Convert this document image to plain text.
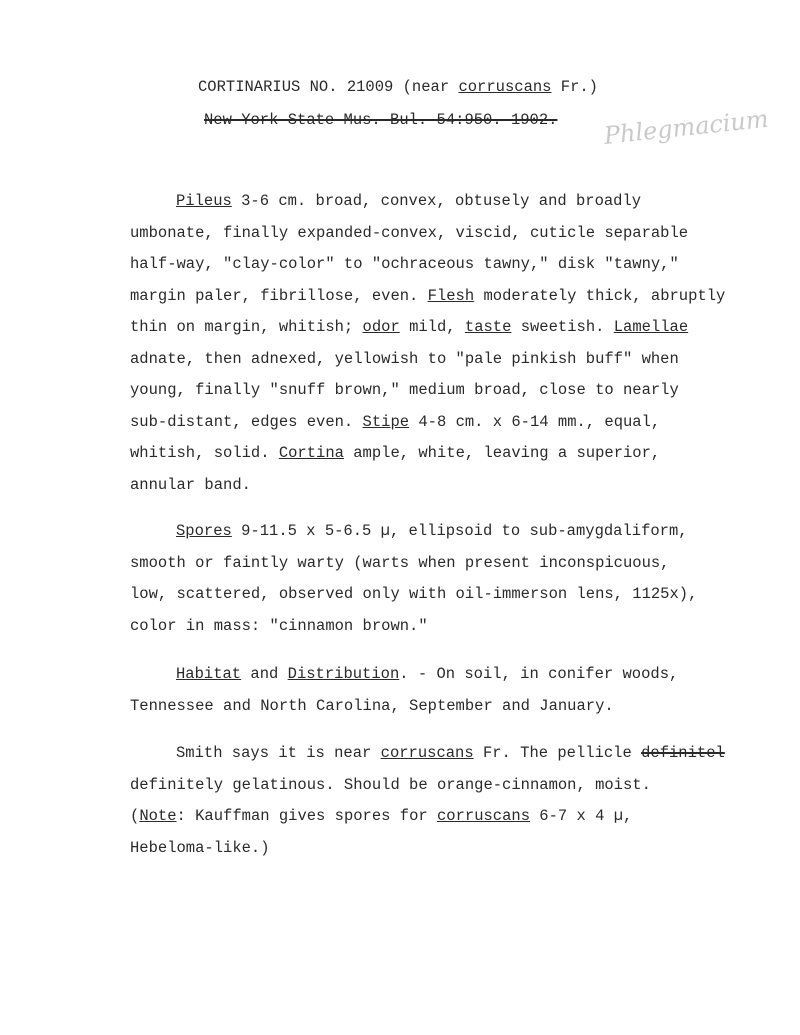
CORTINARIUS NO. 21009 (near corruscans Fr.)
New York State Mus. Bul. 54:950. 1902. Phlegmacium
Pileus 3-6 cm. broad, convex, obtusely and broadly
umbonate, finally expanded-convex, viscid, cuticle separable
half-way, "clay-color" to "ochraceous tawny," disk "tawny,"
margin paler, fibrillose, even. Flesh moderately thick, abruptly
thin on margin, whitish; odor mild, taste sweetish. Lamellae
adnate, then adnexed, yellowish to "pale pinkish buff" when
young, finally "snuff brown," medium broad, close to nearly
sub-distant, edges even. Stipe 4-8 cm. x 6-14 mm., equal,
whitish, solid. Cortina ample, white, leaving a superior,
annular band.
Spores 9-11.5 x 5-6.5 µ, ellipsoid to sub-amygdaliform,
smooth or faintly warty (warts when present inconspicuous,
low, scattered, observed only with oil-immerson lens, 1125x),
color in mass: "cinnamon brown."
Habitat and Distribution. - On soil, in conifer woods,
Tennessee and North Carolina, September and January.
Smith says it is near corruscans Fr. The pellicle definitel
definitely gelatinous. Should be orange-cinnamon, moist.
(Note: Kauffman gives spores for corruscans 6-7 x 4 µ,
Hebeloma-like.)
